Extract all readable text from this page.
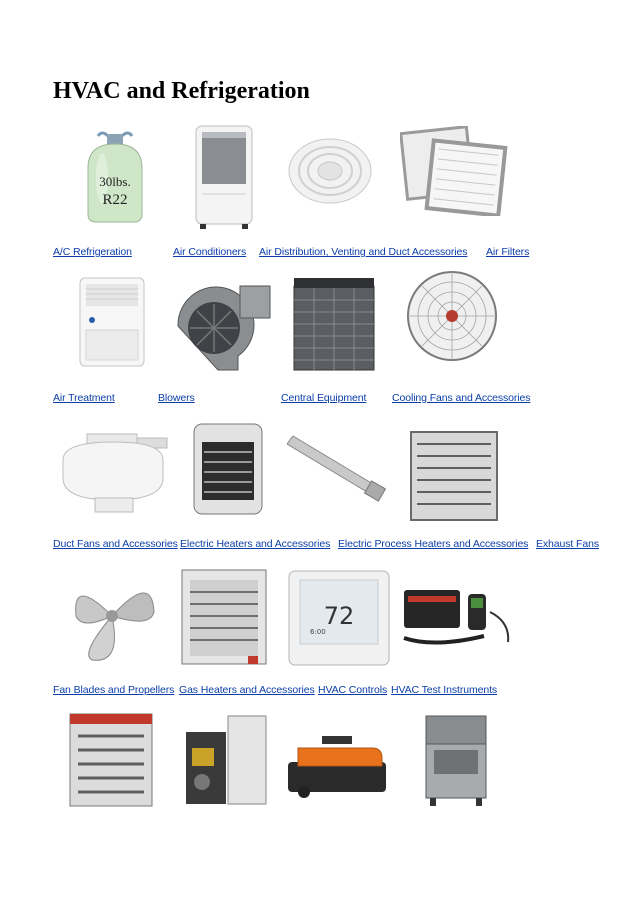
HVAC and Refrigeration
30lbs.
R22
A/C Refrigeration	Air Conditioners Air Distribution, Venting and Duct Accessories Air Filters
Air Treatment	Blowers	Central Equipment Cooling Fans and Accessories
Duct Fans and Accessories Electric Heaters and Accessories Electric Process Heaters and Accessories Exhaust Fans
72
6:00
Fan Blades and Propellers Gas Heaters and Accessories HVAC Controls HVAC Test Instruments
